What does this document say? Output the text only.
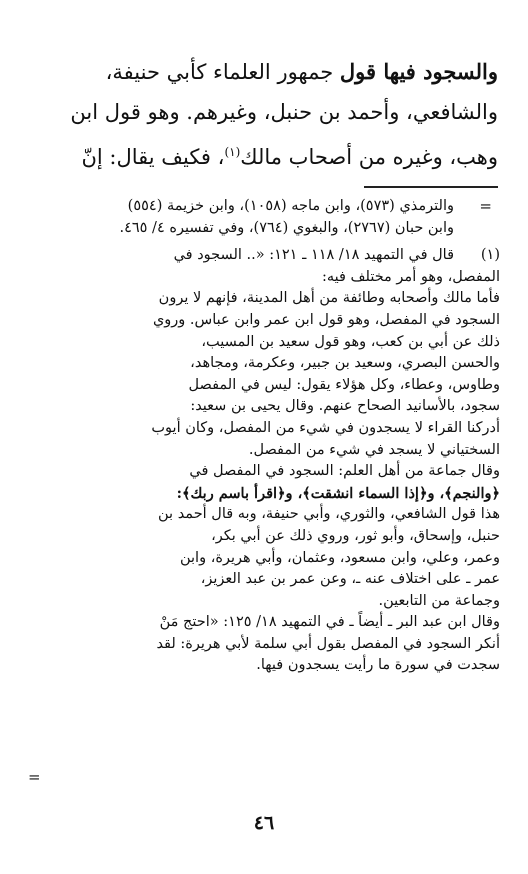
والسجود فيها قول جمهور العلماء كأبي حنيفة،

والشافعي، وأحمد بن حنبل، وغيرهم. وهو قول ابن

وهب، وغيره من أصحاب مالك$^{(١)}$، فكيف يقال: إنّ

=
والترمذي (٥٧٣)، وابن ماجه (١٠٥٨)، وابن خزيمة (٥٥٤)
وابن حبان (٢٧٦٧)، والبغوي (٧٦٤)، وفي تفسيره ٤/ ٤٦٥.
(١)
قال في التمهيد ١٨/ ١١٨ ـ ١٢١: «.. السجود في
المفصل، وهو أمر مختلف فيه:
فأما مالك وأصحابه وطائفة من أهل المدينة، فإنهم لا يرون
السجود في المفصل، وهو قول ابن عمر وابن عباس. وروي
ذلك عن أبي بن كعب، وهو قول سعيد بن المسيب،
والحسن البصري، وسعيد بن جبير، وعكرمة، ومجاهد،
وطاوس، وعطاء، وكل هؤلاء يقول: ليس في المفصل
سجود، بالأسانيد الصحاح عنهم. وقال يحيى بن سعيد:
أدركنا القراء لا يسجدون في شيء من المفصل، وكان أيوب
السختياني لا يسجد في شيء من المفصل.
وقال جماعة من أهل العلم: السجود في المفصل في
﴿والنجم﴾، و﴿إذا السماء انشقت﴾، و﴿اقرأ باسم ربك﴾:
هذا قول الشافعي، والثوري، وأبي حنيفة، وبه قال أحمد بن
حنبل، وإسحاق، وأبو ثور، وروي ذلك عن أبي بكر،
وعمر، وعلي، وابن مسعود، وعثمان، وأبي هريرة، وابن
عمر ـ على اختلاف عنه ـ، وعن عمر بن عبد العزيز،
وجماعة من التابعين.
وقال ابن عبد البر ـ أيضاً ـ في التمهيد ١٨/ ١٢٥: «احتج مَنْ
أنكر السجود في المفصل بقول أبي سلمة لأبي هريرة: لقد
سجدت في سورة ما رأيت يسجدون فيها.
=
٤٦
